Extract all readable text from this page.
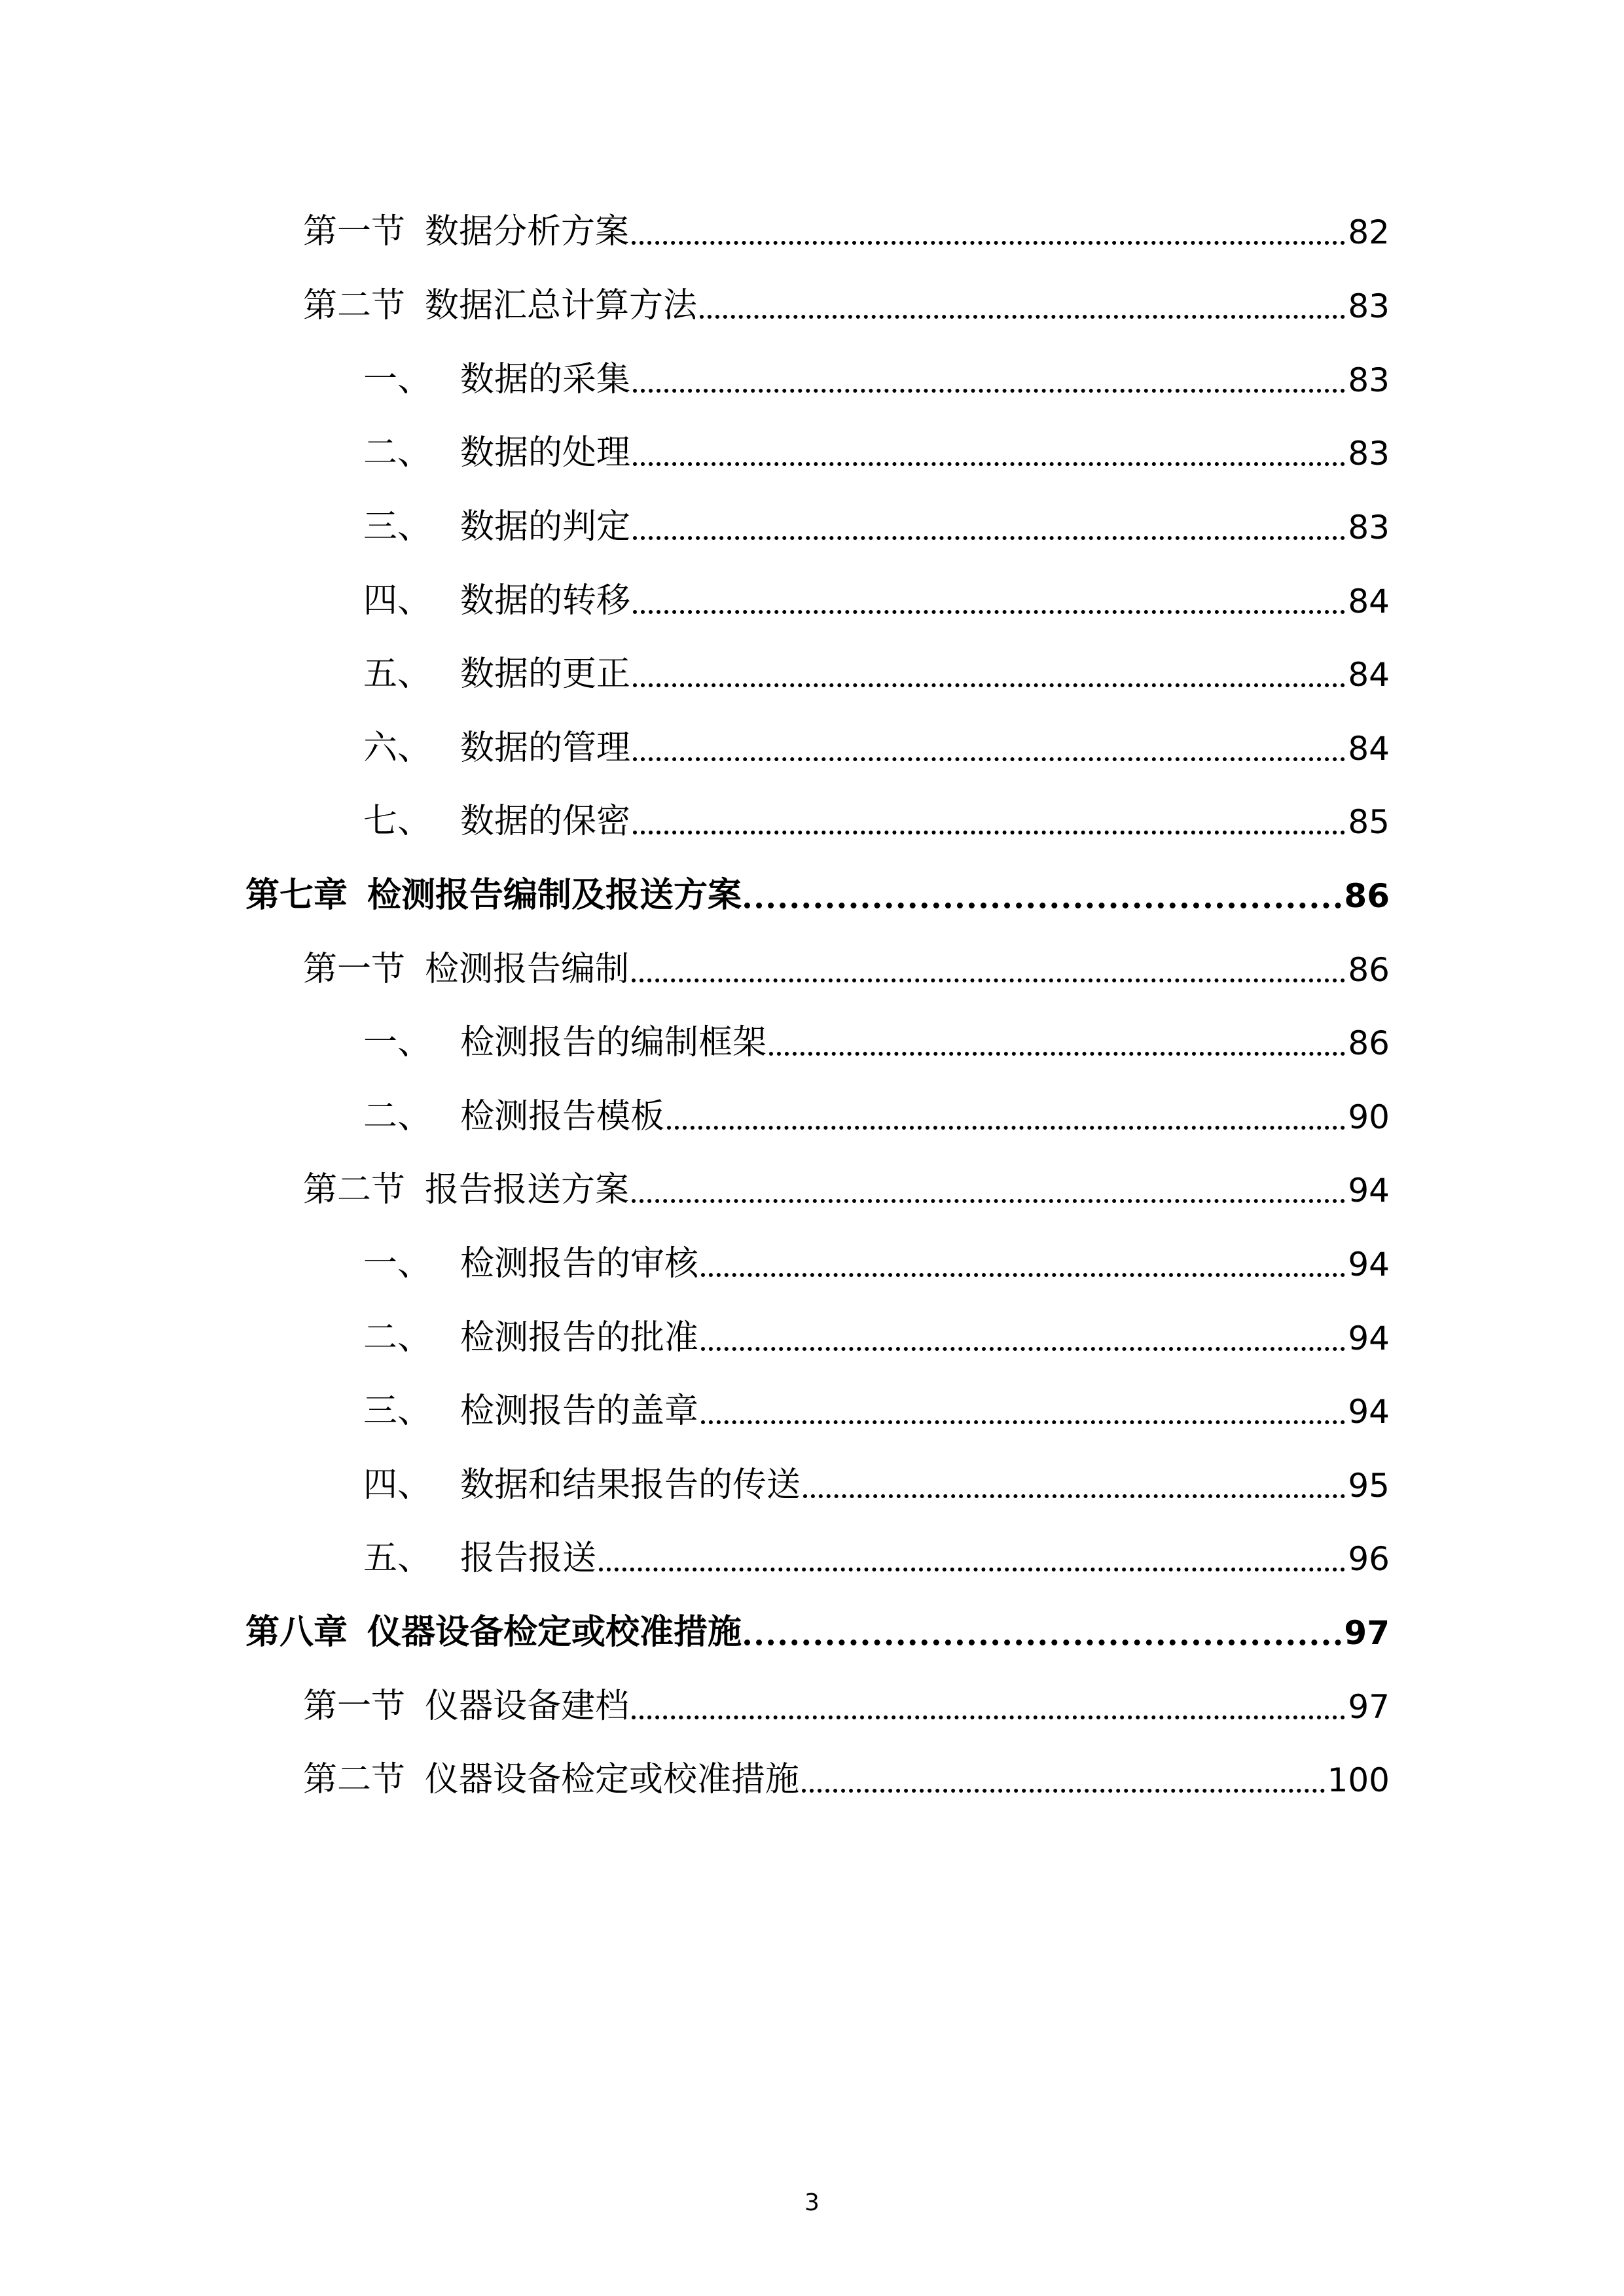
第一节 数据分析方案	82
第二节 数据汇总计算方法	83
一、 数据的采集	83
二、 数据的处理	83
三、 数据的判定	83
四、 数据的转移	84
五、 数据的更正	84
六、 数据的管理	84
七、 数据的保密	85
第七章 检测报告编制及报送方案	86
第一节 检测报告编制	86
一、 检测报告的编制框架	86
二、 检测报告模板	90
第二节 报告报送方案	94
一、 检测报告的审核	94
二、 检测报告的批准	94
三、 检测报告的盖章	94
四、 数据和结果报告的传送	95
五、 报告报送	96
第八章 仪器设备检定或校准措施	97
第一节 仪器设备建档	97
第二节 仪器设备检定或校准措施	100
3
